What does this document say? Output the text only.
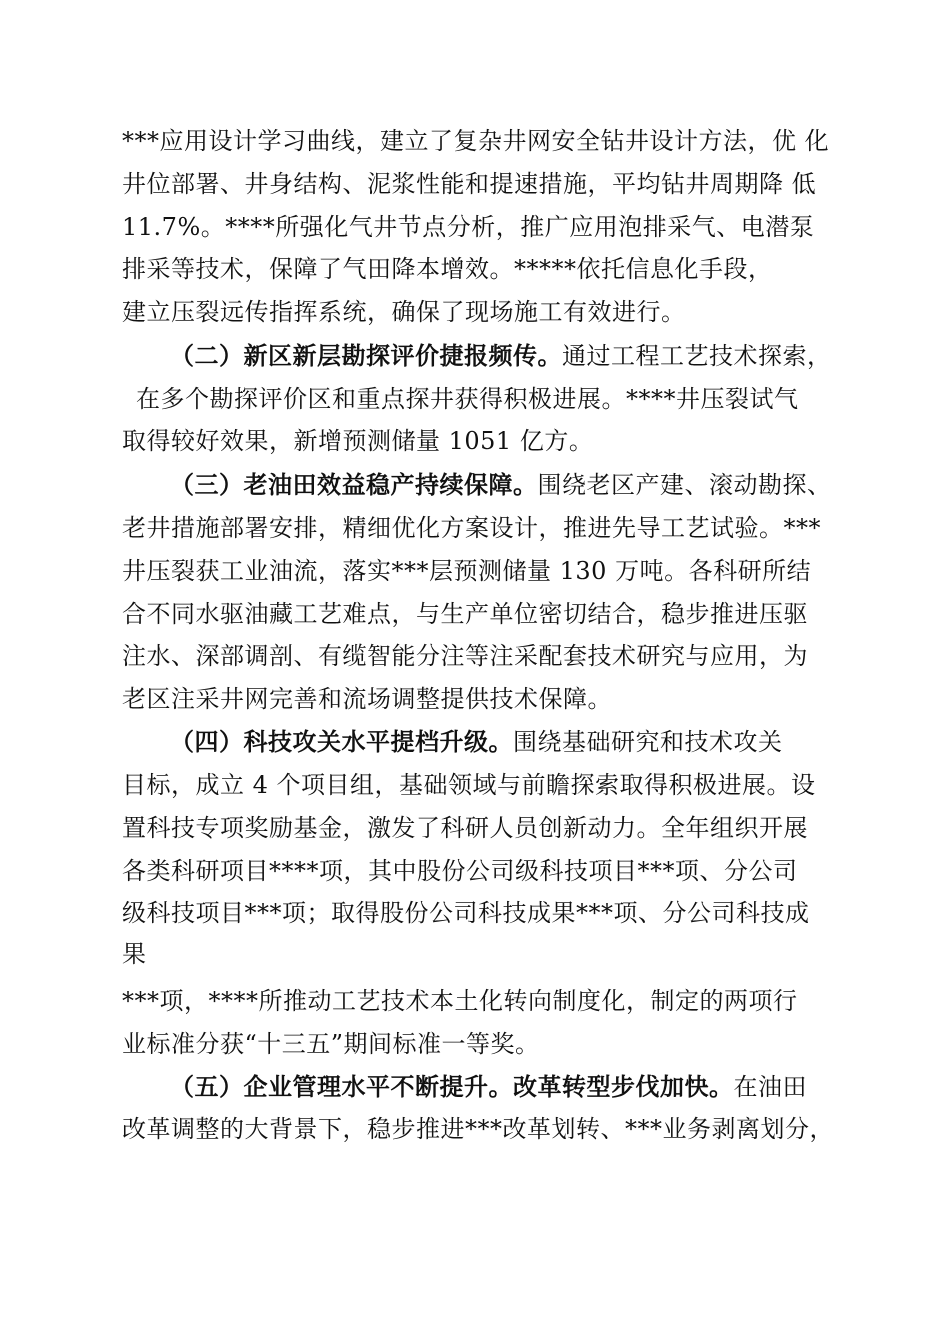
***应用设计学习曲线，建立了复杂井网安全钻井设计方法，优 化
井位部署、井身结构、泥浆性能和提速措施，平均钻井周期降 低
11.7%。****所强化气井节点分析，推广应用泡排采气、电潜泵
排采等技术，保障了气田降本增效。*****依托信息化手段，
建立压裂远传指挥系统，确保了现场施工有效进行。
（二）新区新层勘探评价捷报频传。通过工程工艺技术探索，
在多个勘探评价区和重点探井获得积极进展。****井压裂试气
取得较好效果，新增预测储量 1051 亿方。
（三）老油田效益稳产持续保障。围绕老区产建、滚动勘探、
老井措施部署安排，精细优化方案设计，推进先导工艺试验。***
井压裂获工业油流，落实***层预测储量 130 万吨。各科研所结
合不同水驱油藏工艺难点，与生产单位密切结合，稳步推进压驱
注水、深部调剖、有缆智能分注等注采配套技术研究与应用，为
老区注采井网完善和流场调整提供技术保障。
（四）科技攻关水平提档升级。围绕基础研究和技术攻关
目标，成立 4 个项目组，基础领域与前瞻探索取得积极进展。设
置科技专项奖励基金，激发了科研人员创新动力。全年组织开展
各类科研项目****项，其中股份公司级科技项目***项、分公司
级科技项目***项；取得股份公司科技成果***项、分公司科技成
果
***项，****所推动工艺技术本土化转向制度化，制定的两项行
业标准分获“十三五”期间标准一等奖。
（五）企业管理水平不断提升。改革转型步伐加快。在油田
改革调整的大背景下，稳步推进***改革划转、***业务剥离划分，
